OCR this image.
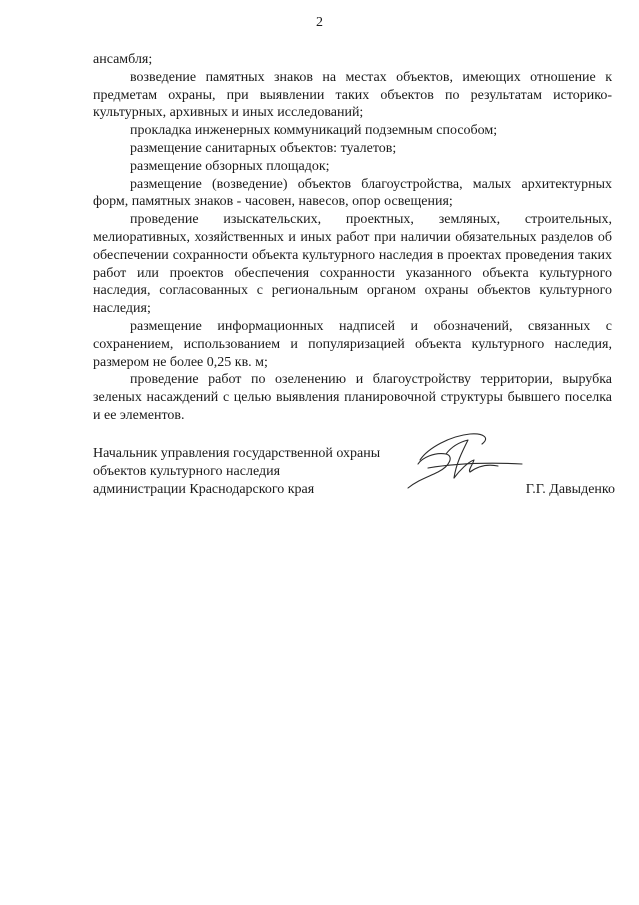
2

ансамбля;

возведение памятных знаков на местах объектов, имеющих отношение к предметам охраны, при выявлении таких объектов по результатам историко-культурных, архивных и иных исследований;

прокладка инженерных коммуникаций подземным способом;

размещение санитарных объектов: туалетов;

размещение обзорных площадок;

размещение (возведение) объектов благоустройства, малых архитектурных форм, памятных знаков - часовен, навесов, опор освещения;

проведение изыскательских, проектных, земляных, строительных, мелиоративных, хозяйственных и иных работ при наличии обязательных разделов об обеспечении сохранности объекта культурного наследия в проектах проведения таких работ или проектов обеспечения сохранности указанного объекта культурного наследия, согласованных с региональным органом охраны объектов культурного наследия;

размещение информационных надписей и обозначений, связанных с сохранением, использованием и популяризацией объекта культурного наследия, размером не более 0,25 кв. м;

проведение работ по озеленению и благоустройству территории, вырубка зеленых насаждений с целью выявления планировочной структуры бывшего поселка и ее элементов.

Начальник управления государственной охраны
объектов культурного наследия
администрации Краснодарского края	Г.Г. Давыденко
